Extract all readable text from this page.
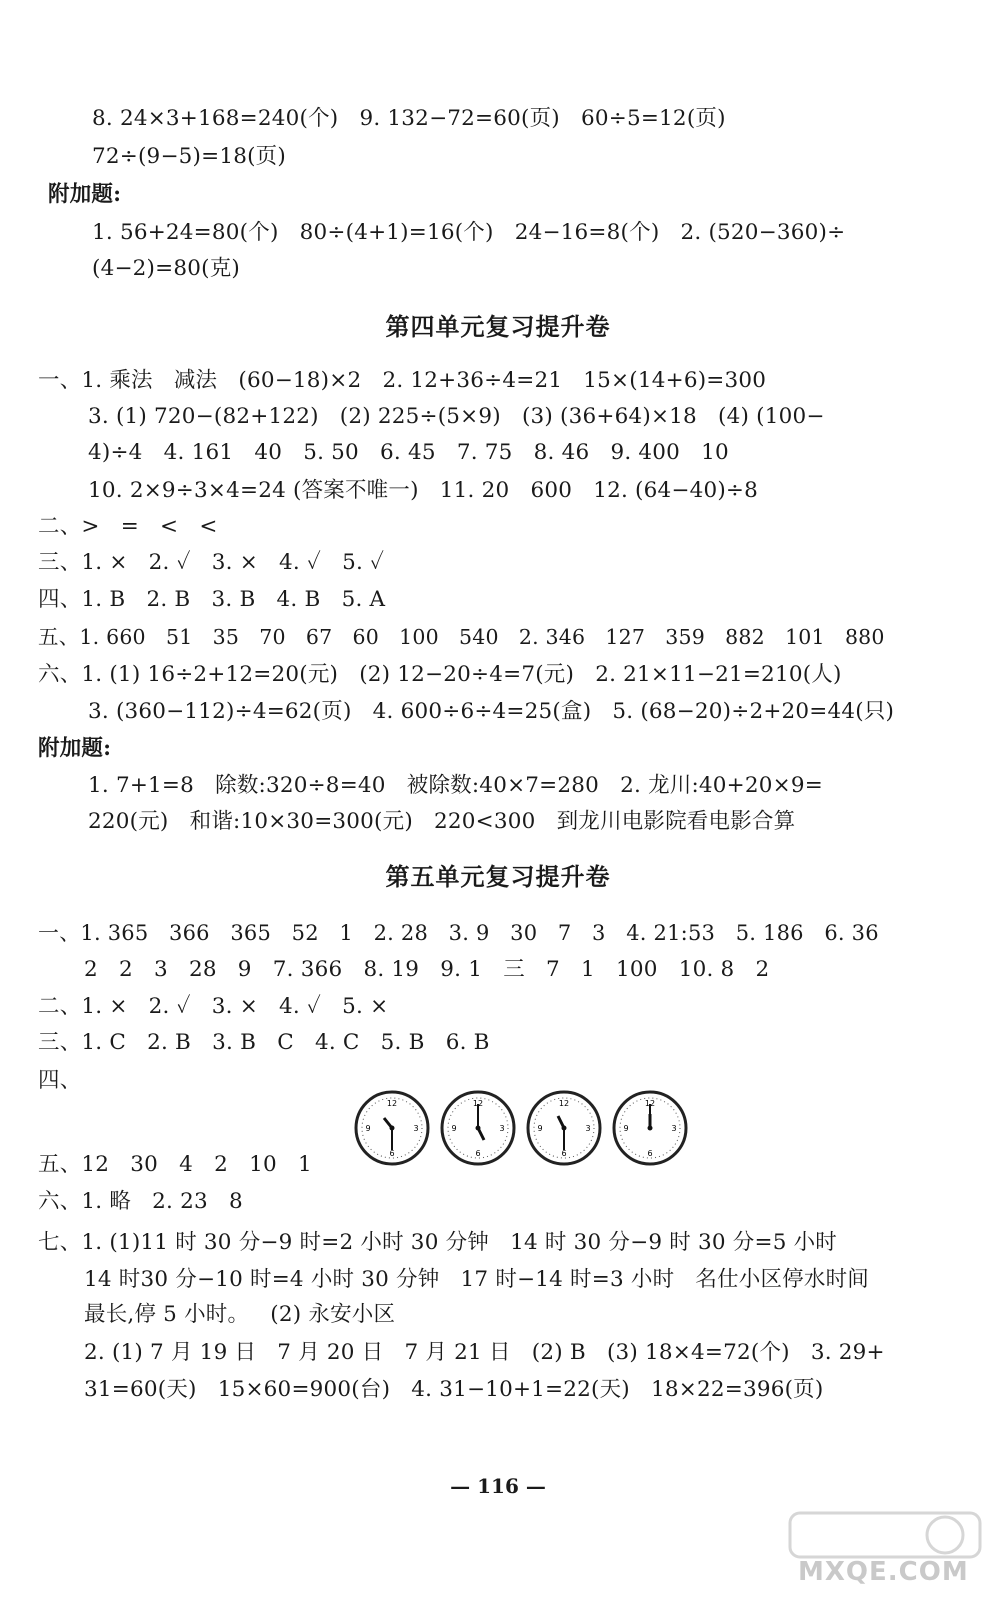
8. 24×3+168=240(个)   9. 132−72=60(页)   60÷5=12(页)
72÷(9−5)=18(页)
附加题:
1. 56+24=80(个)   80÷(4+1)=16(个)   24−16=8(个)   2. (520−360)÷
(4−2)=80(克)
第四单元复习提升卷
一、1. 乘法   减法   (60−18)×2   2. 12+36÷4=21   15×(14+6)=300
3. (1) 720−(82+122)   (2) 225÷(5×9)   (3) (36+64)×18   (4) (100−
4)÷4   4. 161   40   5. 50   6. 45   7. 75   8. 46   9. 400   10
10. 2×9÷3×4=24 (答案不唯一)   11. 20   600   12. (64−40)÷8
二、>   =   <   <
三、1. ×   2. ✓   3. ×   4. ✓   5. ✓
四、1. B   2. B   3. B   4. B   5. A
五、1. 660   51   35   70   67   60   100   540   2. 346   127   359   882   101   880
六、1. (1) 16÷2+12=20(元)   (2) 12−20÷4=7(元)   2. 21×11−21=210(人)
3. (360−112)÷4=62(页)   4. 600÷6÷4=25(盒)   5. (68−20)÷2+20=44(只)
附加题:
1. 7+1=8   除数:320÷8=40   被除数:40×7=280   2. 龙川:40+20×9=
220(元)   和谐:10×30=300(元)   220<300   到龙川电影院看电影合算
第五单元复习提升卷
一、1. 365   366   365   52   1   2. 28   3. 9   30   7   3   4. 21:53   5. 186   6. 36
2   2   3   28   9   7. 366   8. 19   9. 1   三   7   1   100   10. 8   2
二、1. ×   2. ✓   3. ×   4. ✓   5. ×
三、1. C   2. B   3. B   C   4. C   5. B   6. B
四、
12
3
6
9
12
3
6
9
12
3
6
9
12
3
6
9
五、12   30   4   2   10   1
六、1. 略   2. 23   8
七、1. (1)11 时 30 分−9 时=2 小时 30 分钟   14 时 30 分−9 时 30 分=5 小时
14 时30 分−10 时=4 小时 30 分钟   17 时−14 时=3 小时   名仕小区停水时间
最长,停 5 小时。   (2) 永安小区
2. (1) 7 月 19 日   7 月 20 日   7 月 21 日   (2) B   (3) 18×4=72(个)   3. 29+
31=60(天)   15×60=900(台)   4. 31−10+1=22(天)   18×22=396(页)
— 116 —
MXQE.COM
